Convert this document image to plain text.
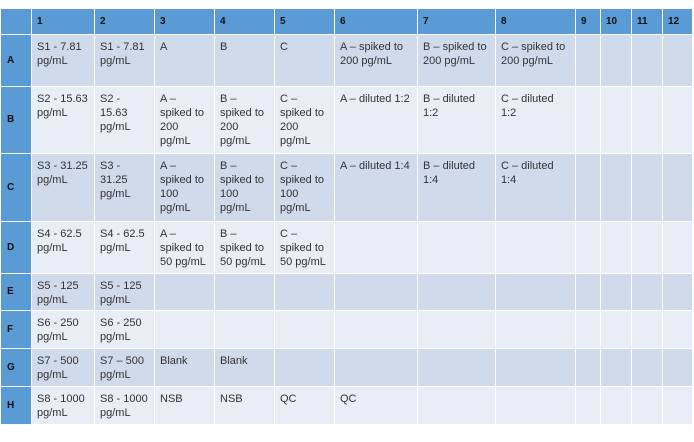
	1	2	3	4	5	6	7	8	9	10	11	12
A	S1 - 7.81 pg/mL	S1 - 7.81 pg/mL	A	B	C	A – spiked to 200 pg/mL	B – spiked to 200 pg/mL	C – spiked to 200 pg/mL				
B	S2 - 15.63 pg/mL	S2 - 15.63 pg/mL	A – spiked to 200 pg/mL	B – spiked to 200 pg/mL	C – spiked to 200 pg/mL	A – diluted 1:2	B – diluted 1:2	C – diluted 1:2				
C	S3 - 31.25 pg/mL	S3 - 31.25 pg/mL	A – spiked to 100 pg/mL	B – spiked to 100 pg/mL	C – spiked to 100 pg/mL	A – diluted 1:4	B – diluted 1:4	C – diluted 1:4				
D	S4 - 62.5 pg/mL	S4 - 62.5 pg/mL	A – spiked to 50 pg/mL	B – spiked to 50 pg/mL	C – spiked to 50 pg/mL							
E	S5 - 125 pg/mL	S5 - 125 pg/mL										
F	S6 - 250 pg/mL	S6 - 250 pg/mL										
G	S7 - 500 pg/mL	S7 – 500 pg/mL	Blank	Blank								
H	S8 - 1000 pg/mL	S8 - 1000 pg/mL	NSB	NSB	QC	QC						
